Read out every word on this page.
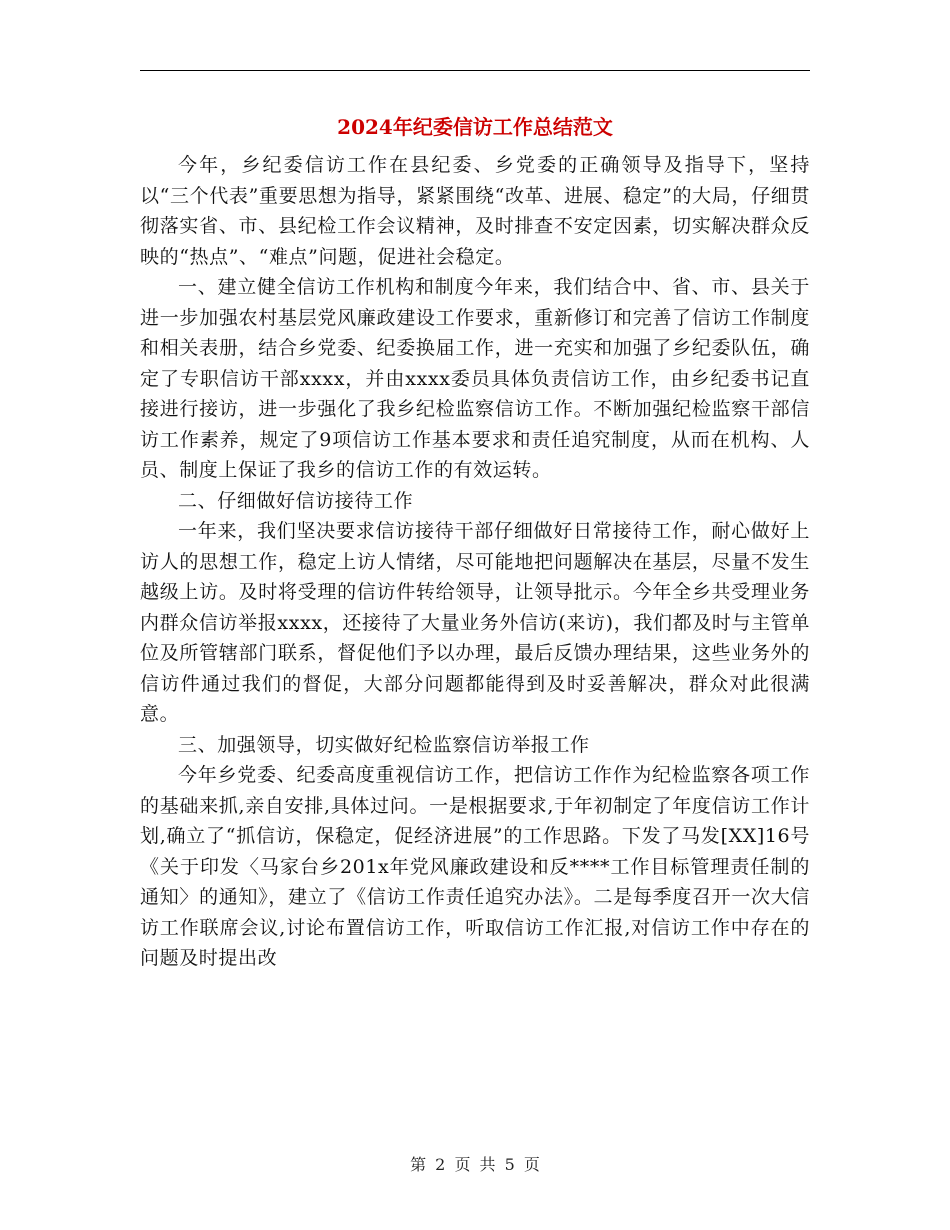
2024年纪委信访工作总结范文

今年，乡纪委信访工作在县纪委、乡党委的正确领导及指导下，坚持以“三个代表”重要思想为指导，紧紧围绕“改革、进展、稳定”的大局，仔细贯彻落实省、市、县纪检工作会议精神，及时排查不安定因素，切实解决群众反映的“热点”、“难点”问题，促进社会稳定。

一、建立健全信访工作机构和制度今年来，我们结合中、省、市、县关于进一步加强农村基层党风廉政建设工作要求，重新修订和完善了信访工作制度和相关表册，结合乡党委、纪委换届工作，进一充实和加强了乡纪委队伍，确定了专职信访干部xxxx，并由xxxx委员具体负责信访工作，由乡纪委书记直接进行接访，进一步强化了我乡纪检监察信访工作。不断加强纪检监察干部信访工作素养，规定了9项信访工作基本要求和责任追究制度，从而在机构、人员、制度上保证了我乡的信访工作的有效运转。

二、仔细做好信访接待工作

一年来，我们坚决要求信访接待干部仔细做好日常接待工作，耐心做好上访人的思想工作，稳定上访人情绪，尽可能地把问题解决在基层，尽量不发生越级上访。及时将受理的信访件转给领导，让领导批示。今年全乡共受理业务内群众信访举报xxxx，还接待了大量业务外信访(来访)，我们都及时与主管单位及所管辖部门联系，督促他们予以办理，最后反馈办理结果，这些业务外的信访件通过我们的督促，大部分问题都能得到及时妥善解决，群众对此很满意。

三、加强领导，切实做好纪检监察信访举报工作

今年乡党委、纪委高度重视信访工作，把信访工作作为纪检监察各项工作的基础来抓,亲自安排,具体过问。一是根据要求,于年初制定了年度信访工作计划,确立了“抓信访，保稳定，促经济进展”的工作思路。下发了马发[XX]16号《关于印发〈马家台乡201x年党风廉政建设和反****工作目标管理责任制的通知〉的通知》，建立了《信访工作责任追究办法》。二是每季度召开一次大信访工作联席会议,讨论布置信访工作，听取信访工作汇报,对信访工作中存在的问题及时提出改

第 2 页 共 5 页
